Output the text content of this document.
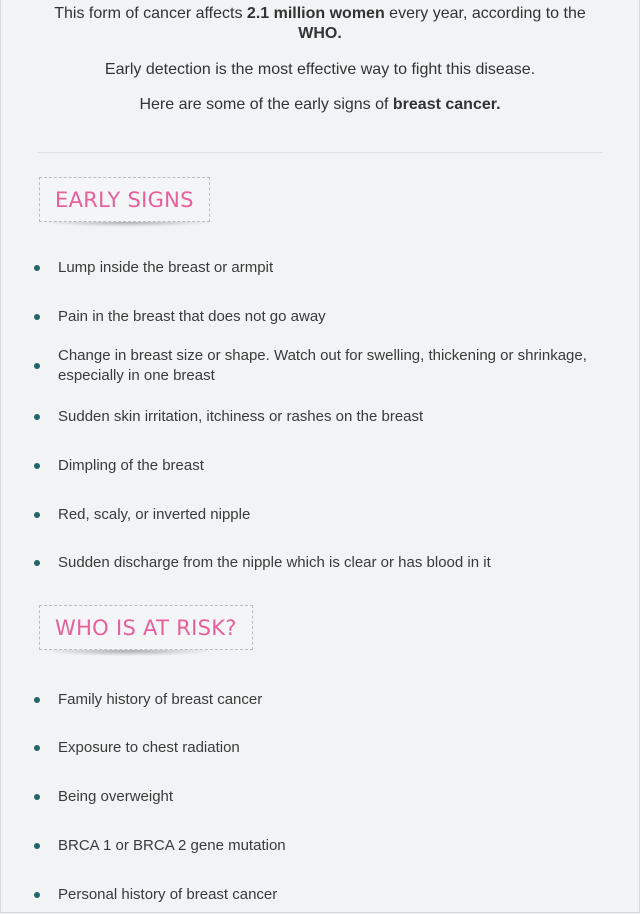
This form of cancer affects 2.1 million women every year, according to the WHO.

Early detection is the most effective way to fight this disease.

Here are some of the early signs of breast cancer.

EARLY SIGNS
Lump inside the breast or armpit
Pain in the breast that does not go away
Change in breast size or shape. Watch out for swelling, thickening or shrinkage, especially in one breast
Sudden skin irritation, itchiness or rashes on the breast
Dimpling of the breast
Red, scaly, or inverted nipple
Sudden discharge from the nipple which is clear or has blood in it
WHO IS AT RISK?
Family history of breast cancer
Exposure to chest radiation
Being overweight
BRCA 1 or BRCA 2 gene mutation
Personal history of breast cancer
